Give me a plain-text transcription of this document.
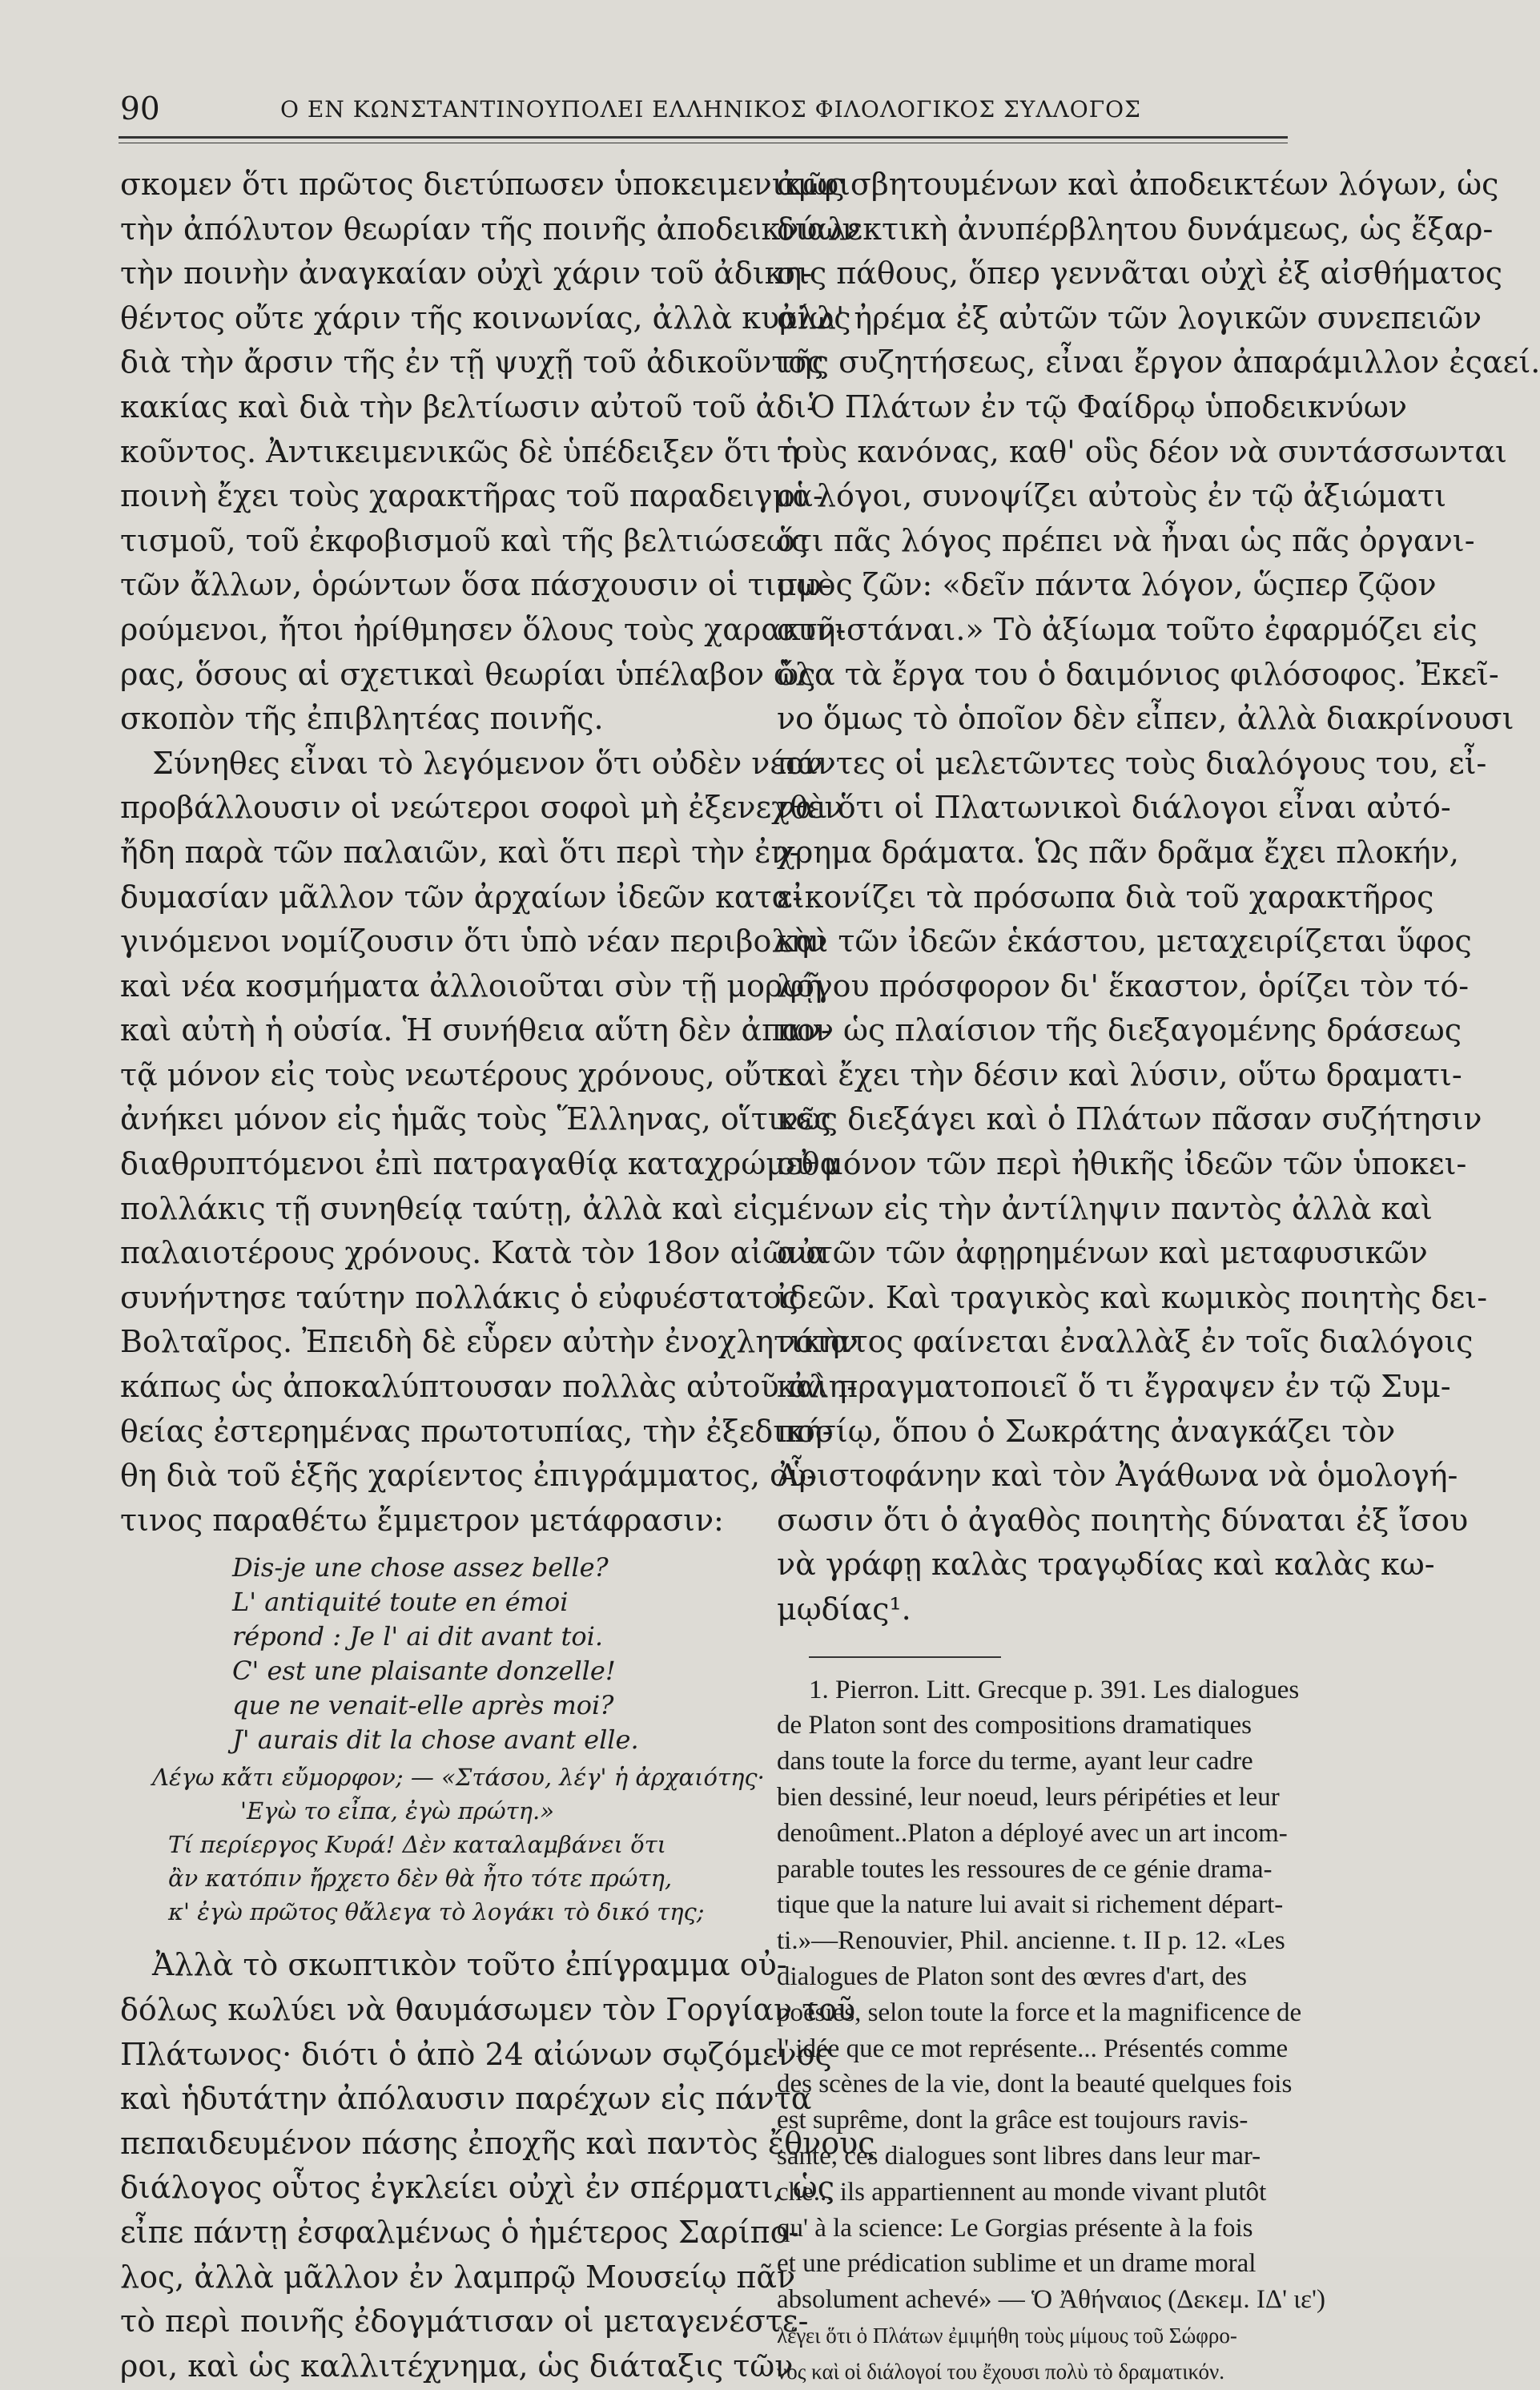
90	Ο ΕΝ ΚΩΝΣΤΑΝΤΙΝΟΥΠΟΛΕΙ ΕΛΛΗΝΙΚΟΣ ΦΙΛΟΛΟΓΙΚΟΣ ΣΥΛΛΟΓΟΣ

σκομεν ὅτι πρῶτος διετύπωσεν ὑποκειμενικῶς
τὴν ἀπόλυτον θεωρίαν τῆς ποινῆς ἀποδεικνύων
τὴν ποινὴν ἀναγκαίαν οὐχὶ χάριν τοῦ ἀδικη-
θέντος οὔτε χάριν τῆς κοινωνίας, ἀλλὰ κυρίως
διὰ τὴν ἄρσιν τῆς ἐν τῇ ψυχῇ τοῦ ἀδικοῦντος
κακίας καὶ διὰ τὴν βελτίωσιν αὐτοῦ τοῦ ἀδι-
κοῦντος. Ἀντικειμενικῶς δὲ ὑπέδειξεν ὅτι ἡ
ποινὴ ἔχει τοὺς χαρακτῆρας τοῦ παραδειγμα-
τισμοῦ, τοῦ ἐκφοβισμοῦ καὶ τῆς βελτιώσεως
τῶν ἄλλων, ὁρώντων ὅσα πάσχουσιν οἱ τιμω-
ρούμενοι, ἤτοι ἠρίθμησεν ὅλους τοὺς χαρακτῆ-
ρας, ὅσους αἱ σχετικαὶ θεωρίαι ὑπέλαβον ὡς
σκοπὸν τῆς ἐπιβλητέας ποινῆς.

Σύνηθες εἶναι τὸ λεγόμενον ὅτι οὐδὲν νέον
προβάλλουσιν οἱ νεώτεροι σοφοὶ μὴ ἐξενεχθὲν
ἤδη παρὰ τῶν παλαιῶν, καὶ ὅτι περὶ τὴν ἐν-
δυμασίαν μᾶλλον τῶν ἀρχαίων ἰδεῶν κατα-
γινόμενοι νομίζουσιν ὅτι ὑπὸ νέαν περιβολὴν
καὶ νέα κοσμήματα ἀλλοιοῦται σὺν τῇ μορφῇ
καὶ αὐτὴ ἡ οὐσία. Ἡ συνήθεια αὕτη δὲν ἀπαν-
τᾷ μόνον εἰς τοὺς νεωτέρους χρόνους, οὔτε
ἀνήκει μόνον εἰς ἡμᾶς τοὺς Ἕλληνας, οἵτινες
διαθρυπτόμενοι ἐπὶ πατραγαθίᾳ καταχρώμεθα
πολλάκις τῇ συνηθείᾳ ταύτῃ, ἀλλὰ καὶ εἰς
παλαιοτέρους χρόνους. Κατὰ τὸν 18ον αἰῶνα
συνήντησε ταύτην πολλάκις ὁ εὐφυέστατος
Βολταῖρος. Ἐπειδὴ δὲ εὗρεν αὐτὴν ἐνοχλητικὴν
κάπως ὡς ἀποκαλύπτουσαν πολλὰς αὐτοῦ ἀλη-
θείας ἐστερημένας πρωτοτυπίας, τὴν ἐξεδική-
θη διὰ τοῦ ἑξῆς χαρίεντος ἐπιγράμματος, οὗ-
τινος παραθέτω ἔμμετρον μετάφρασιν:

Dis-je une chose assez belle?
L' antiquité toute en émoi
répond : Je l' ai dit avant toi.
C' est une plaisante donzelle!
que ne venait-elle après moi?
J' aurais dit la chose avant elle.
Λέγω κἄτι εὔμορφον; — «Στάσου, λέγ' ἡ ἀρχαιότης·
'Εγὼ το εἶπα, ἐγὼ πρώτη.»
Τί περίεργος Κυρά! Δὲν καταλαμβάνει ὅτι
ἂν κατόπιν ἤρχετο δὲν θὰ ἦτο τότε πρώτη,
κ' ἐγὼ πρῶτος θἄλεγα τὸ λογάκι τὸ δικό της;

Ἀλλὰ τὸ σκωπτικὸν τοῦτο ἐπίγραμμα οὐ-
δόλως κωλύει νὰ θαυμάσωμεν τὸν Γοργίαν τοῦ
Πλάτωνος· διότι ὁ ἀπὸ 24 αἰώνων σῳζόμενος
καὶ ἡδυτάτην ἀπόλαυσιν παρέχων εἰς πάντα
πεπαιδευμένον πάσης ἐποχῆς καὶ παντὸς ἔθνους
διάλογος οὗτος ἐγκλείει οὐχὶ ἐν σπέρματι, ὡς
εἶπε πάντῃ ἐσφαλμένως ὁ ἡμέτερος Σαρίπο-
λος, ἀλλὰ μᾶλλον ἐν λαμπρῷ Μουσείῳ πᾶν
τὸ περὶ ποινῆς ἐδογμάτισαν οἱ μεταγενέστε-
ροι, καὶ ὡς καλλιτέχνημα, ὡς διάταξις τῶν

ἀμφισβητουμένων καὶ ἀποδεικτέων λόγων, ὡς
διαλεκτικὴ ἀνυπέρβλητου δυνάμεως, ὡς ἔξαρ-
σις πάθους, ὅπερ γεννᾶται οὐχὶ ἐξ αἰσθήματος
ἀλλ' ἠρέμα ἐξ αὐτῶν τῶν λογικῶν συνεπειῶν
τῆς συζητήσεως, εἶναι ἔργον ἀπαράμιλλον ἐςαεί.

Ὁ Πλάτων ἐν τῷ Φαίδρῳ ὑποδεικνύων
τοὺς κανόνας, καθ' οὓς δέον νὰ συντάσσωνται
οἱ λόγοι, συνοψίζει αὐτοὺς ἐν τῷ ἀξιώματι
ὅτι πᾶς λόγος πρέπει νὰ ἦναι ὡς πᾶς ὀργανι-
σμὸς ζῶν: «δεῖν πάντα λόγον, ὥςπερ ζῷον
συνιστάναι.» Τὸ ἀξίωμα τοῦτο ἐφαρμόζει εἰς
ὅλα τὰ ἔργα του ὁ δαιμόνιος φιλόσοφος. Ἐκεῖ-
νο ὅμως τὸ ὁποῖον δὲν εἶπεν, ἀλλὰ διακρίνουσι
πάντες οἱ μελετῶντες τοὺς διαλόγους του, εἶ-
ναι ὅτι οἱ Πλατωνικοὶ διάλογοι εἶναι αὐτό-
χρημα δράματα. Ὡς πᾶν δρᾶμα ἔχει πλοκήν,
εἰκονίζει τὰ πρόσωπα διὰ τοῦ χαρακτῆρος
καὶ τῶν ἰδεῶν ἑκάστου, μεταχειρίζεται ὕφος
λόγου πρόσφορον δι' ἕκαστον, ὁρίζει τὸν τό-
πον ὡς πλαίσιον τῆς διεξαγομένης δράσεως
καὶ ἔχει τὴν δέσιν καὶ λύσιν, οὕτω δραματι-
κῶς διεξάγει καὶ ὁ Πλάτων πᾶσαν συζήτησιν
οὐ μόνον τῶν περὶ ἠθικῆς ἰδεῶν τῶν ὑποκει-
μένων εἰς τὴν ἀντίληψιν παντὸς ἀλλὰ καὶ
αὐτῶν τῶν ἀφῃρημένων καὶ μεταφυσικῶν
ἰδεῶν. Καὶ τραγικὸς καὶ κωμικὸς ποιητὴς δει-
νότατος φαίνεται ἐναλλὰξ ἐν τοῖς διαλόγοις
καὶ πραγματοποιεῖ ὅ τι ἔγραψεν ἐν τῷ Συμ-
ποσίῳ, ὅπου ὁ Σωκράτης ἀναγκάζει τὸν
Ἀριστοφάνην καὶ τὸν Ἀγάθωνα νὰ ὁμολογή-
σωσιν ὅτι ὁ ἀγαθὸς ποιητὴς δύναται ἐξ ἴσου
νὰ γράφῃ καλὰς τραγῳδίας καὶ καλὰς κω-
μῳδίας¹.

1. Pierron. Litt. Grecque p. 391. Les dialogues
de Platon sont des compositions dramatiques
dans toute la force du terme, ayant leur cadre
bien dessiné, leur noeud, leurs péripéties et leur
denoûment..Platon a déployé avec un art incom-
parable toutes les ressoures de ce génie drama-
tique que la nature lui avait si richement départ-
ti.»—Renouvier, Phil. ancienne. t. II p. 12. «Les
dialogues de Platon sont des œvres d'art, des
poésies, selon toute la force et la magnificence de
l' idée que ce mot représente... Présentés comme
des scènes de la vie, dont la beauté quelques fois
est suprême, dont la grâce est toujours ravis-
sante, ces dialogues sont libres dans leur mar-
che... ils appartiennent au monde vivant plutôt
qu' à la science: Le Gorgias présente à la fois
et une prédication sublime et un drame moral
absolument achevé» — Ὁ Ἀθήναιος (Δεκεμ. ΙΔ' ιε')
λέγει ὅτι ὁ Πλάτων ἐμιμήθη τοὺς μίμους τοῦ Σώφρο-
νος καὶ οἱ διάλογοί του ἔχουσι πολὺ τὸ δραματικόν.
